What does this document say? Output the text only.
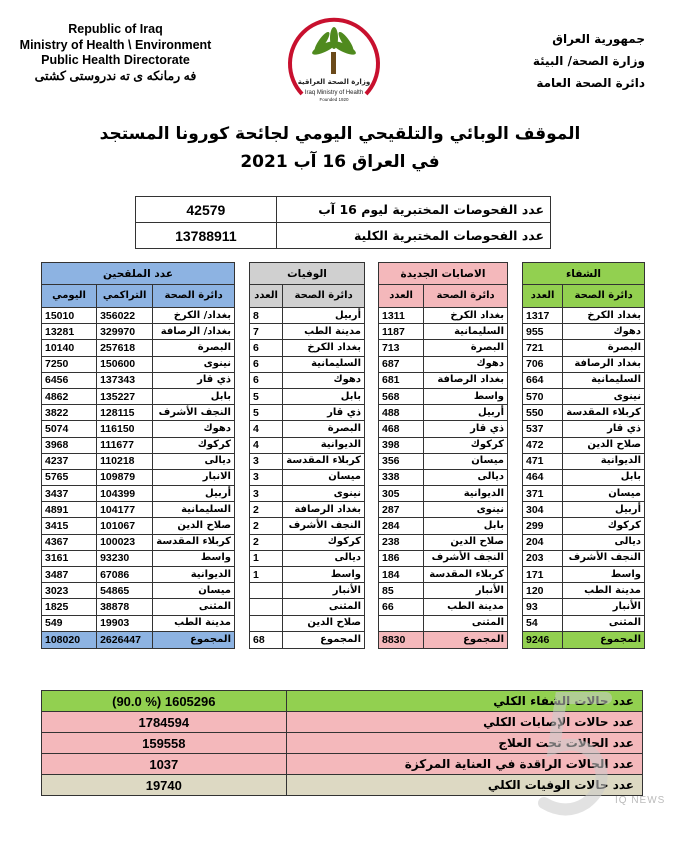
Republic of Iraq
Ministry of Health \ Environment
Public Health Directorate
فه رمانكه ى ته ندروستى كشتى
جمهورية العراق
وزارة الصحة/ البيئة
دائرة الصحة العامة
وزارة الصحة العراقية
Iraq Ministry of Health
Founded 1920
الموقف الوبائي والتلقيحي اليومي لجائحة كورونا المستجد
في العراق 16 آب 2021
42579	عدد الفحوصات المختبرية ليوم 16 آب
13788911	عدد الفحوصات المختبرية الكلية
الشفاء	
العدد	دائرة الصحة
1317	بغداد الكرخ
955	دهوك
721	البصرة
706	بغداد الرصافة
664	السليمانية
570	نينوى
550	كربلاء المقدسة
537	ذي قار
472	صلاح الدين
471	الديوانية
464	بابل
371	ميسان
304	أربيل
299	كركوك
204	ديالى
203	النجف الأشرف
171	واسط
120	مدينة الطب
93	الأنبار
54	المثنى
9246	المجموع
الاصابات الجديدة	
العدد	دائرة الصحة
1311	بغداد الكرخ
1187	السليمانية
713	البصرة
687	دهوك
681	بغداد الرصافة
568	واسط
488	أربيل
468	ذي قار
398	كركوك
356	ميسان
338	ديالى
305	الديوانية
287	نينوى
284	بابل
238	صلاح الدين
186	النجف الأشرف
184	كربلاء المقدسة
85	الأنبار
66	مدينة الطب
	المثنى
8830	المجموع
الوفيات	
العدد	دائرة الصحة
8	أربيل
7	مدينة الطب
6	بغداد الكرخ
6	السليمانية
6	دهوك
5	بابل
5	ذي قار
4	البصرة
4	الديوانية
3	كربلاء المقدسة
3	ميسان
3	نينوى
2	بغداد الرصافة
2	النجف الأشرف
2	كركوك
1	ديالى
1	واسط
	الأنبار
	المثنى
	صلاح الدين
68	المجموع
عدد الملقحين		
اليومي	التراكمي	دائرة الصحة
15010	356022	بغداد/ الكرخ
13281	329970	بغداد/ الرصافة
10140	257618	البصرة
7250	150600	نينوى
6456	137343	ذي قار
4862	135227	بابل
3822	128115	النجف الأشرف
5074	116150	دهوك
3968	111677	كركوك
4237	110218	ديالى
5765	109879	الانبار
3437	104399	أربيل
4891	104177	السليمانية
3415	101067	صلاح الدين
4367	100023	كربلاء المقدسة
3161	93230	واسط
3487	67086	الديوانية
3023	54865	ميسان
1825	38878	المثنى
549	19903	مدينة الطب
108020	2626447	المجموع
(90.0 %) 1605296	عدد حالات الشفاء الكلي
1784594	عدد حالات الإصابات الكلي
159558	عدد الحالات تحت العلاج
1037	عدد الحالات الراقدة في العناية المركزة
19740	عدد حالات الوفيات الكلي
IQ NEWS
